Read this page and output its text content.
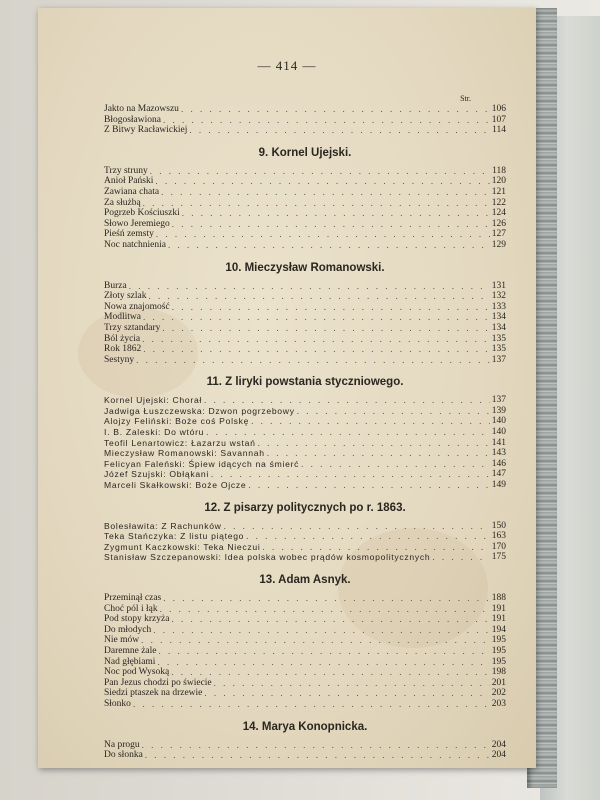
— 414 —
Str.
Jakto na Mazowszu . . .	106
Błogosławiona . . .	107
Z Bitwy Racławickiej . . .	114
9. Kornel Ujejski.
Trzy struny . . .	118
Anioł Pański . . .	120
Zawiana chata . . .	121
Za służbą . . .	122
Pogrzeb Kościuszki . . .	124
Słowo Jeremiego . . .	126
Pieśń zemsty . . .	127
Noc natchnienia . . .	129
10. Mieczysław Romanowski.
Burza . . .	131
Złoty szlak . . .	132
Nowa znajomość . . .	133
Modlitwa . . .	134
Trzy sztandary . . .	134
Ból życia . . .	135
Rok 1862 . . .	135
Sestyny . . .	137
11. Z liryki powstania styczniowego.
Kornel Ujejski: Chorał . . .	137
Jadwiga Łuszczewska: Dzwon pogrzebowy . . .	139
Alojzy Feliński: Boże coś Polskę . . .	140
I. B. Zaleski: Do wtóru . . .	140
Teofil Lenartowicz: Łazarzu wstań . . .	141
Mieczysław Romanowski: Savannah . . .	143
Felicyan Faleński: Śpiew idących na śmierć . . .	146
Józef Szujski: Obłąkani . . .	147
Marceli Skałkowski: Boże Ojcze . . .	149
12. Z pisarzy politycznych po r. 1863.
Bolesławita: Z Rachunków . . .	150
Teka Stańczyka: Z listu piątego . . .	163
Zygmunt Kaczkowski: Teka Nieczui . . .	170
Stanisław Szczepanowski: Idea polska wobec prądów kosmopolitycznych . . .	175
13. Adam Asnyk.
Przeminął czas . . .	188
Choć pól i łąk . . .	191
Pod stopy krzyża . . .	191
Do młodych . . .	194
Nie mów . . .	195
Daremne żale . . .	195
Nad głębiami . . .	195
Noc pod Wysoką . . .	198
Pan Jezus chodzi po świecie . . .	201
Siedzi ptaszek na drzewie . . .	202
Słonko . . .	203
14. Marya Konopnicka.
Na progu . . .	204
Do słonka . . .	204
